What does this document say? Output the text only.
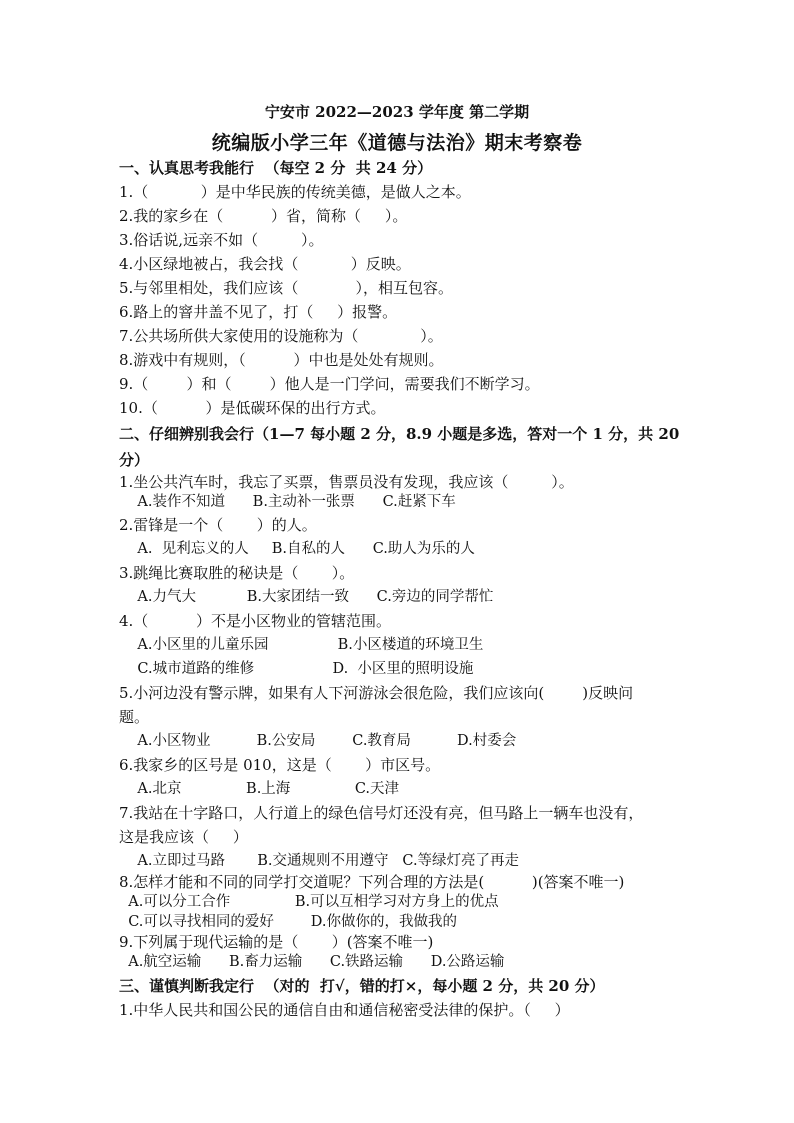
宁安市 2022—2023 学年度 第二学期
统编版小学三年《道德与法治》期末考察卷
一、认真思考我能行  （每空 2 分  共 24 分）
1.（           ）是中华民族的传统美德，是做人之本。
2.我的家乡在（          ）省，简称（     ）。
3.俗话说,远亲不如（         ）。
4.小区绿地被占，我会找（           ）反映。
5.与邻里相处，我们应该（            ），相互包容。
6.路上的窨井盖不见了，打（     ）报警。
7.公共场所供大家使用的设施称为（             ）。
8.游戏中有规则，（          ）中也是处处有规则。
9.（        ）和（        ）他人是一门学问，需要我们不断学习。
10.（          ）是低碳环保的出行方式。
二、仔细辨别我会行（1—7 每小题 2 分，8.9 小题是多选，答对一个 1 分，共 20
分）
1.坐公共汽车时，我忘了买票，售票员没有发现，我应该（         ）。
A.装作不知道      B.主动补一张票      C.赶紧下车
2.雷锋是一个（       ）的人。
A.  见利忘义的人     B.自私的人      C.助人为乐的人
3.跳绳比赛取胜的秘诀是（       ）。
A.力气大           B.大家团结一致      C.旁边的同学帮忙
4.（          ）不是小区物业的管辖范围。
A.小区里的儿童乐园               B.小区楼道的环境卫生
C.城市道路的维修                 D.  小区里的照明设施
5.小河边没有警示牌，如果有人下河游泳会很危险，我们应该向(        )反映问
题。
A.小区物业          B.公安局        C.教育局          D.村委会
6.我家乡的区号是 010，这是（       ）市区号。
A.北京              B.上海              C.天津
7.我站在十字路口，人行道上的绿色信号灯还没有亮，但马路上一辆车也没有，
这是我应该（     ）
A.立即过马路       B.交通规则不用遵守   C.等绿灯亮了再走
8.怎样才能和不同的同学打交道呢？下列合理的方法是(          )(答案不唯一)
A.可以分工合作              B.可以互相学习对方身上的优点
C.可以寻找相同的爱好        D.你做你的，我做我的
9.下列属于现代运输的是（       ）(答案不唯一)
A.航空运输      B.畜力运输      C.铁路运输      D.公路运输
三、谨慎判断我定行  （对的  打√，错的打×，每小题 2 分，共 20 分）
1.中华人民共和国公民的通信自由和通信秘密受法律的保护。（     ）
